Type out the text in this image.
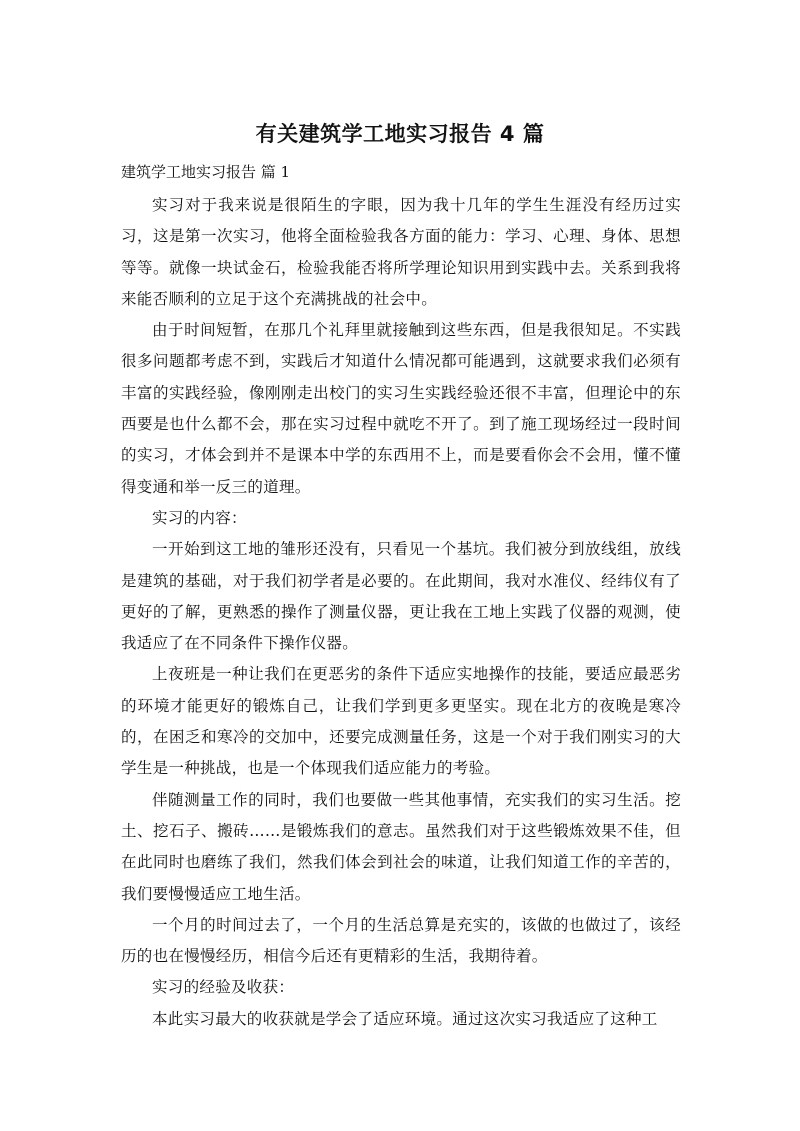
有关建筑学工地实习报告 4 篇
建筑学工地实习报告 篇 1

实习对于我来说是很陌生的字眼，因为我十几年的学生生涯没有经历过实习，这是第一次实习，他将全面检验我各方面的能力：学习、心理、身体、思想等等。就像一块试金石，检验我能否将所学理论知识用到实践中去。关系到我将来能否顺利的立足于这个充满挑战的社会中。

由于时间短暂，在那几个礼拜里就接触到这些东西，但是我很知足。不实践很多问题都考虑不到，实践后才知道什么情况都可能遇到，这就要求我们必须有丰富的实践经验，像刚刚走出校门的实习生实践经验还很不丰富，但理论中的东西要是也什么都不会，那在实习过程中就吃不开了。到了施工现场经过一段时间的实习，才体会到并不是课本中学的东西用不上，而是要看你会不会用，懂不懂得变通和举一反三的道理。

实习的内容：

一开始到这工地的雏形还没有，只看见一个基坑。我们被分到放线组，放线是建筑的基础，对于我们初学者是必要的。在此期间，我对水准仪、经纬仪有了更好的了解，更熟悉的操作了测量仪器，更让我在工地上实践了仪器的观测，使我适应了在不同条件下操作仪器。

上夜班是一种让我们在更恶劣的条件下适应实地操作的技能，要适应最恶劣的环境才能更好的锻炼自己，让我们学到更多更坚实。现在北方的夜晚是寒冷的，在困乏和寒冷的交加中，还要完成测量任务，这是一个对于我们刚实习的大学生是一种挑战，也是一个体现我们适应能力的考验。

伴随测量工作的同时，我们也要做一些其他事情，充实我们的实习生活。挖土、挖石子、搬砖……是锻炼我们的意志。虽然我们对于这些锻炼效果不佳，但在此同时也磨练了我们，然我们体会到社会的味道，让我们知道工作的辛苦的，我们要慢慢适应工地生活。

一个月的时间过去了，一个月的生活总算是充实的，该做的也做过了，该经历的也在慢慢经历，相信今后还有更精彩的生活，我期待着。

实习的经验及收获：

本此实习最大的收获就是学会了适应环境。通过这次实习我适应了这种工
